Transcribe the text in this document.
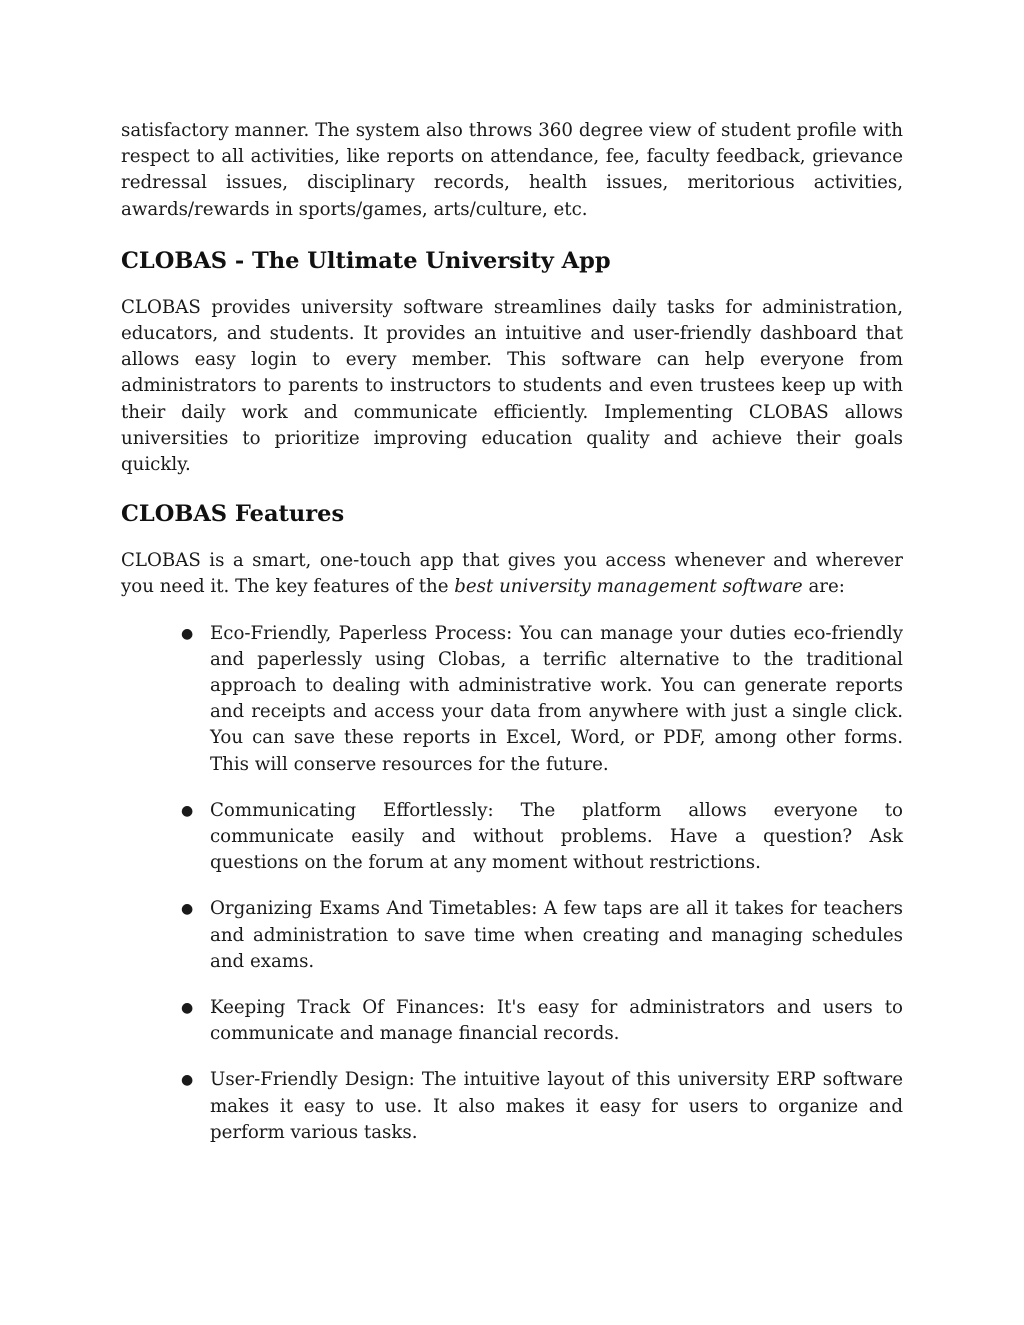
satisfactory manner. The system also throws 360 degree view of student profile with respect to all activities, like reports on attendance, fee, faculty feedback, grievance redressal issues, disciplinary records, health issues, meritorious activities, awards/rewards in sports/games, arts/culture, etc.

CLOBAS - The Ultimate University App

CLOBAS provides university software streamlines daily tasks for administration, educators, and students. It provides an intuitive and user-friendly dashboard that allows easy login to every member. This software can help everyone from administrators to parents to instructors to students and even trustees keep up with their daily work and communicate efficiently. Implementing CLOBAS allows universities to prioritize improving education quality and achieve their goals quickly.

CLOBAS Features

CLOBAS is a smart, one-touch app that gives you access whenever and wherever you need it. The key features of the best university management software are:

● Eco-Friendly, Paperless Process: You can manage your duties eco-friendly and paperlessly using Clobas, a terrific alternative to the traditional approach to dealing with administrative work. You can generate reports and receipts and access your data from anywhere with just a single click. You can save these reports in Excel, Word, or PDF, among other forms. This will conserve resources for the future.
● Communicating Effortlessly: The platform allows everyone to communicate easily and without problems. Have a question? Ask questions on the forum at any moment without restrictions.
● Organizing Exams And Timetables: A few taps are all it takes for teachers and administration to save time when creating and managing schedules and exams.
● Keeping Track Of Finances: It's easy for administrators and users to communicate and manage financial records.
● User-Friendly Design: The intuitive layout of this university ERP software makes it easy to use. It also makes it easy for users to organize and perform various tasks.
